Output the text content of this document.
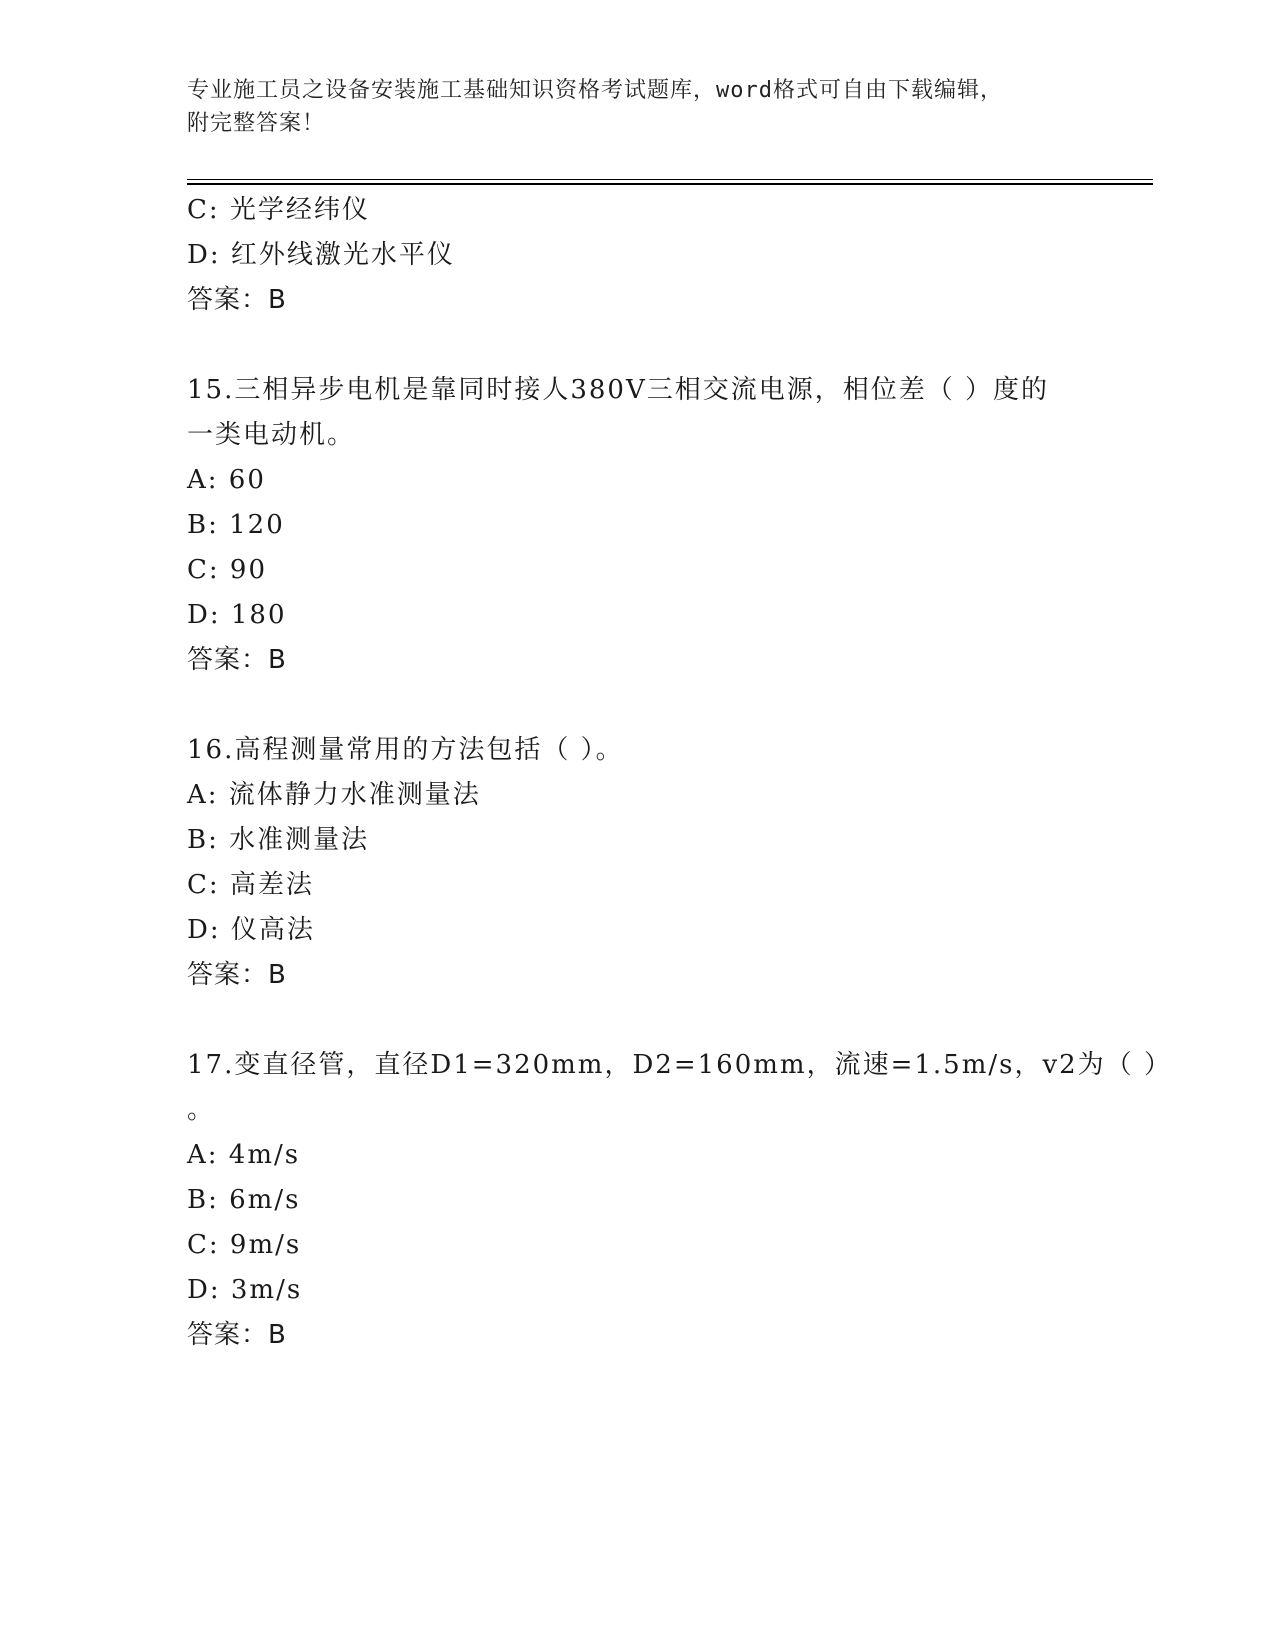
专业施工员之设备安装施工基础知识资格考试题库，word格式可自由下载编辑，
附完整答案！
C: 光学经纬仪
D: 红外线激光水平仪
答案：B
15.三相异步电机是靠同时接人380V三相交流电源，相位差（ ）度的
一类电动机。
A: 60
B: 120
C: 90
D: 180
答案：B
16.高程测量常用的方法包括（ ）。
A: 流体静力水准测量法
B: 水准测量法
C: 高差法
D: 仪高法
答案：B
17.变直径管，直径D1=320mm，D2=160mm，流速=1.5m/s，v2为（ ）
。
A: 4m/s
B: 6m/s
C: 9m/s
D: 3m/s
答案：B
